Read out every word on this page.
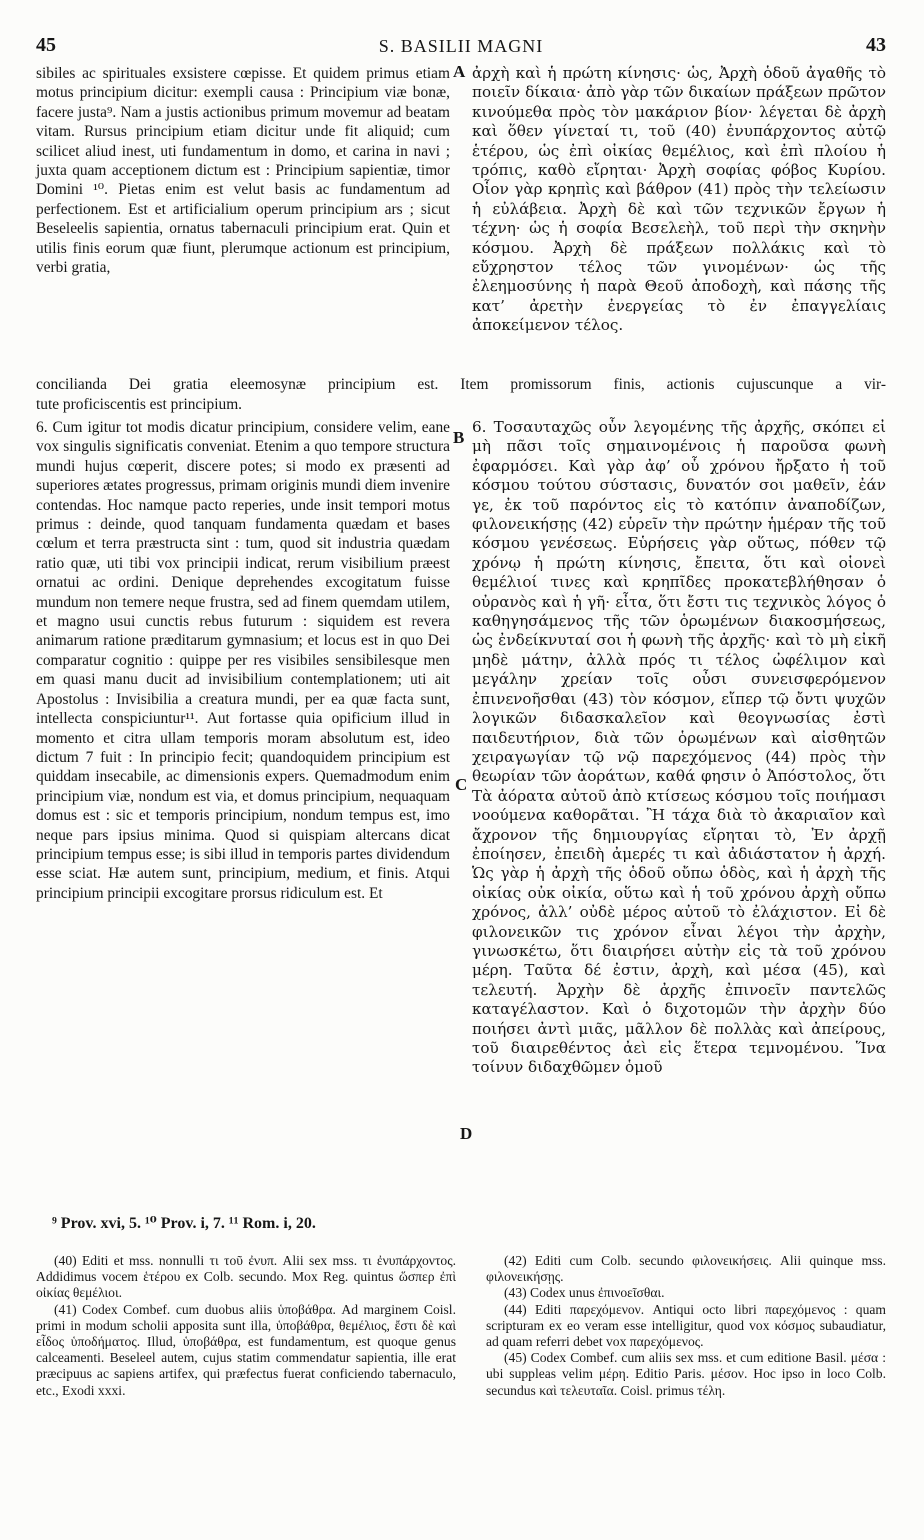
45	S. BASILII MAGNI	43

sibiles ac spirituales exsistere cœpisse. Et quidem primus etiam motus principium dicitur: exempli causa : Principium viæ bonæ, facere justa⁹. Nam a justis actionibus primum movemur ad beatam vitam. Rursus principium etiam dicitur unde fit aliquid; cum scilicet aliud inest, uti fundamentum in domo, et carina in navi ; juxta quam acceptionem dictum est : Principium sapientiæ, timor Domini ¹⁰. Pietas enim est velut basis ac fundamentum ad perfectionem. Est et artificialium operum principium ars ; sicut Beseleelis sapientia, ornatus tabernaculi principium erat. Quin et utilis finis eorum quæ fiunt, plerumque actionum est principium, verbi gratia,

ἀρχὴ καὶ ἡ πρώτη κίνησις· ὡς, Ἀρχὴ ὁδοῦ ἀγαθῆς τὸ ποιεῖν δίκαια· ἀπὸ γὰρ τῶν δικαίων πράξεων πρῶτον κινούμεθα πρὸς τὸν μακάριον βίον· λέγεται δὲ ἀρχὴ καὶ ὅθεν γίνεταί τι, τοῦ (40) ἐνυπάρχοντος αὐτῷ ἑτέρου, ὡς ἐπὶ οἰκίας θεμέλιος, καὶ ἐπὶ πλοίου ἡ τρόπις, καθὸ εἴρηται· Ἀρχὴ σοφίας φόβος Κυρίου. Οἷον γὰρ κρηπὶς καὶ βάθρον (41) πρὸς τὴν τελείωσιν ἡ εὐλάβεια. Ἀρχὴ δὲ καὶ τῶν τεχνικῶν ἔργων ἡ τέχνη· ὡς ἡ σοφία Βεσελεὴλ, τοῦ περὶ τὴν σκηνὴν κόσμου. Ἀρχὴ δὲ πράξεων πολλάκις καὶ τὸ εὔχρηστον τέλος τῶν γινομένων· ὡς τῆς ἐλεημοσύνης ἡ παρὰ Θεοῦ ἀποδοχὴ, καὶ πάσης τῆς κατ’ ἀρετὴν ἐνεργείας τὸ ἐν ἐπαγγελίαις ἀποκείμενον τέλος.

conciliandа Dei gratia eleemosynæ principium est. Item promissorum finis, actionis cujuscunque a vir-
tute proficiscentis est principium.

6. Cum igitur tot modis dicatur principium, considere velim, eane vox singulis significatis conveniat. Etenim a quo tempore structura mundi hujus cœperit, discere potes; si modo ex præsenti ad superiores ætates progressus, primam originis mundi diem invenire contendas. Hoc namque pacto reperies, unde insit tempori motus primus : deinde, quod tanquam fundamenta quædam et bases cœlum et terra præstructa sint : tum, quod sit industria quædam ratio quæ, uti tibi vox principii indicat, rerum visibilium præest ornatui ac ordini. Denique deprehendes excogitatum fuisse mundum non temere neque frustra, sed ad finem quemdam utilem, et magno usui cunctis rebus futurum : siquidem est revera animarum ratione præditarum gymnasium; et locus est in quo Dei comparatur cognitio : quippe per res visibiles sensibilesque men em quasi manu ducit ad invisibilium contemplationem; uti ait Apostolus : Invisibilia a creatura mundi, per ea quæ facta sunt, intellecta conspiciuntur¹¹. Aut fortasse quia opificium illud in momento et citra ullam temporis moram absolutum est, ideo dictum 7 fuit : In principio fecit; quandoquidem principium est quiddam insecabile, ac dimensionis expers. Quemadmodum enim principium viæ, nondum est via, et domus principium, nequaquam domus est : sic et temporis principium, nondum tempus est, imo neque pars ipsius minima. Quod si quispiam altercans dicat principium tempus esse; is sibi illud in temporis partes dividendum esse sciat. Hæ autem sunt, principium, medium, et finis. Atqui principium principii excogitare prorsus ridiculum est. Et

6. Τοσαυταχῶς οὖν λεγομένης τῆς ἀρχῆς, σκόπει εἰ μὴ πᾶσι τοῖς σημαινομένοις ἡ παροῦσα φωνὴ ἐφαρμόσει. Καὶ γὰρ ἀφ’ οὗ χρόνου ἤρξατο ἡ τοῦ κόσμου τούτου σύστασις, δυνατόν σοι μαθεῖν, ἐάν γε, ἐκ τοῦ παρόντος εἰς τὸ κατόπιν ἀναποδίζων, φιλονεικήσῃς (42) εὑρεῖν τὴν πρώτην ἡμέραν τῆς τοῦ κόσμου γενέσεως. Εὑρήσεις γὰρ οὕτως, πόθεν τῷ χρόνῳ ἡ πρώτη κίνησις, ἔπειτα, ὅτι καὶ οἱονεὶ θεμέλιοί τινες καὶ κρηπῖδες προκατεβλήθησαν ὁ οὐρανὸς καὶ ἡ γῆ· εἶτα, ὅτι ἔστι τις τεχνικὸς λόγος ὁ καθηγησάμενος τῆς τῶν ὁρωμένων διακοσμήσεως, ὡς ἐνδείκνυταί σοι ἡ φωνὴ τῆς ἀρχῆς· καὶ τὸ μὴ εἰκῆ μηδὲ μάτην, ἀλλὰ πρός τι τέλος ὠφέλιμον καὶ μεγάλην χρείαν τοῖς οὖσι συνεισφερόμενον ἐπινενοῆσθαι (43) τὸν κόσμον, εἴπερ τῷ ὄντι ψυχῶν λογικῶν διδασκαλεῖον καὶ θεογνωσίας ἐστὶ παιδευτήριον, διὰ τῶν ὁρωμένων καὶ αἰσθητῶν χειραγωγίαν τῷ νῷ παρεχόμενος (44) πρὸς τὴν θεωρίαν τῶν ἀοράτων, καθά φησιν ὁ Ἀπόστολος, ὅτι Τὰ ἀόρατα αὐτοῦ ἀπὸ κτίσεως κόσμου τοῖς ποιήμασι νοούμενα καθορᾶται. Ἢ τάχα διὰ τὸ ἀκαριαῖον καὶ ἄχρονον τῆς δημιουργίας εἴρηται τὸ, Ἐν ἀρχῇ ἐποίησεν, ἐπειδὴ ἀμερές τι καὶ ἀδιάστατον ἡ ἀρχή. Ὡς γὰρ ἡ ἀρχὴ τῆς ὁδοῦ οὔπω ὁδὸς, καὶ ἡ ἀρχὴ τῆς οἰκίας οὐκ οἰκία, οὕτω καὶ ἡ τοῦ χρόνου ἀρχὴ οὔπω χρόνος, ἀλλ’ οὐδὲ μέρος αὐτοῦ τὸ ἐλάχιστον. Εἰ δὲ φιλονεικῶν τις χρόνον εἶναι λέγοι τὴν ἀρχὴν, γινωσκέτω, ὅτι διαιρήσει αὐτὴν εἰς τὰ τοῦ χρόνου μέρη. Ταῦτα δέ ἐστιν, ἀρχὴ, καὶ μέσα (45), καὶ τελευτή. Ἀρχὴν δὲ ἀρχῆς ἐπινοεῖν παντελῶς καταγέλαστον. Καὶ ὁ διχοτομῶν τὴν ἀρχὴν δύο ποιήσει ἀντὶ μιᾶς, μᾶλλον δὲ πολλὰς καὶ ἀπείρους, τοῦ διαιρεθέντος ἀεὶ εἰς ἕτερα τεμνομένου. Ἵνα τοίνυν διδαχθῶμεν ὁμοῦ

A
B
C
D
⁹ Prov. xvi, 5. ¹⁰ Prov. i, 7. ¹¹ Rom. i, 20.

(40) Editi et mss. nonnulli τι τοῦ ἐνυπ. Alii sex mss. τι ἐνυπάρχοντος. Addidimus vocem ἑτέρου ex Colb. secundo. Mox Reg. quintus ὥσπερ ἐπὶ οἰκίας θεμέλιοι.

(41) Codex Combef. cum duobus aliis ὑποβάθρα. Ad marginem Coisl. primi in modum scholii apposita sunt illa, ὑποβάθρα, θεμέλιος, ἔστι δὲ καὶ εἶδος ὑποδήματος. Illud, ὑποβάθρα, est fundamentum, est quoque genus calceamenti. Beseleel autem, cujus statim commendatur sapientia, ille erat præcipuus ac sapiens artifex, qui præfectus fuerat conficiendo tabernaculo, etc., Exodi xxxi.

(42) Editi cum Colb. secundo φιλονεικήσεις. Alii quinque mss. φιλονεικήσῃς.

(43) Codex unus ἐπινοεῖσθαι.

(44) Editi παρεχόμενον. Antiqui octo libri παρεχόμενος : quam scripturam ex eo veram esse intelligitur, quod vox κόσμος subaudiatur, ad quam referri debet vox παρεχόμενος.

(45) Codex Combef. cum aliis sex mss. et cum editione Basil. μέσα : ubi suppleas velim μέρη. Editio Paris. μέσον. Hoc ipso in loco Colb. secundus καὶ τελευταῖα. Coisl. primus τέλη.
